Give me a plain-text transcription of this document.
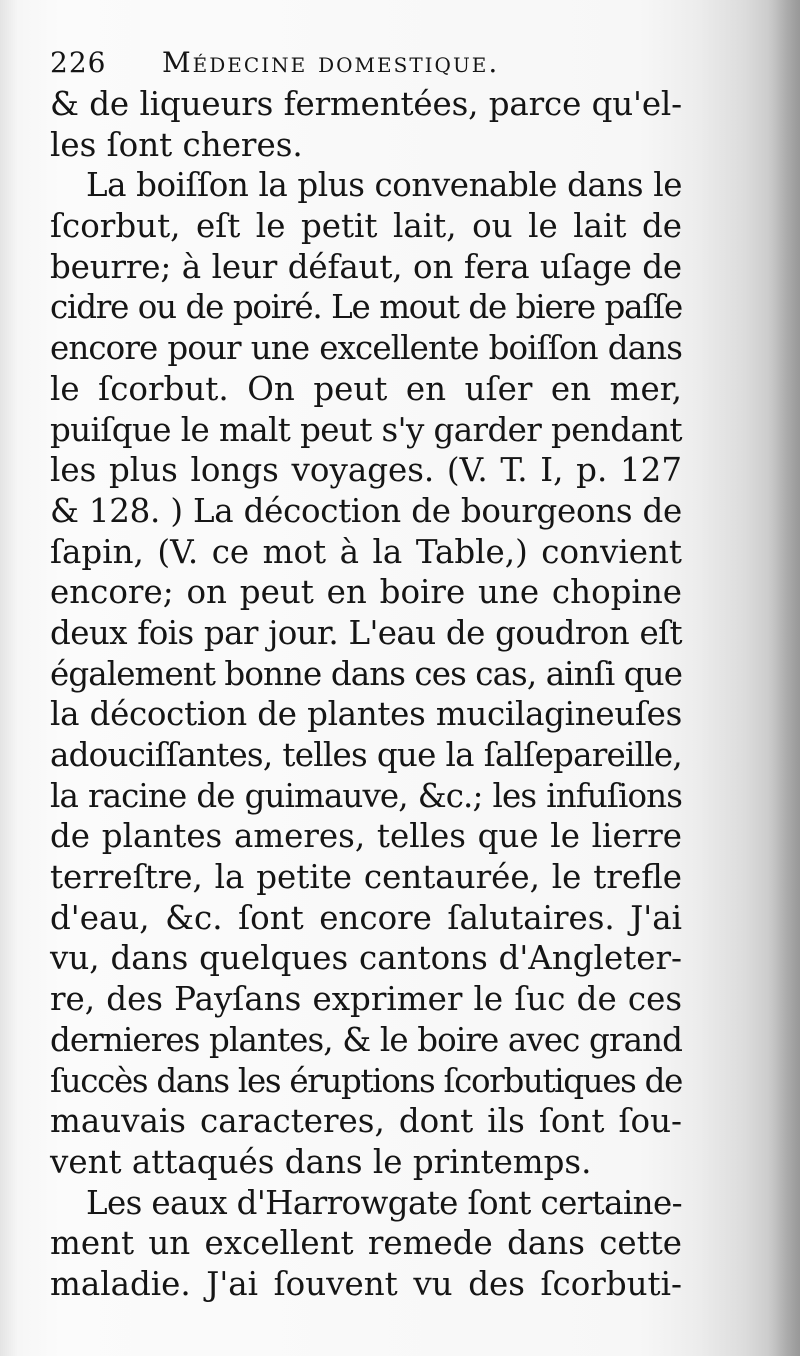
226 Médecine domestique.
& de liqueurs fermentées, parce qu'el-
les ſont cheres.
La boiſſon la plus convenable dans le
ſcorbut, eſt le petit lait, ou le lait de
beurre; à leur défaut, on fera uſage de
cidre ou de poiré. Le mout de biere paſſe
encore pour une excellente boiſſon dans
le ſcorbut. On peut en uſer en mer,
puiſque le malt peut s'y garder pendant
les plus longs voyages. (V. T. I, p. 127
& 128. ) La décoction de bourgeons de
ſapin, (V. ce mot à la Table,) convient
encore; on peut en boire une chopine
deux fois par jour. L'eau de goudron eſt
également bonne dans ces cas, ainſi que
la décoction de plantes mucilagineuſes
adouciſſantes, telles que la ſalſepareille,
la racine de guimauve, &c.; les infuſions
de plantes ameres, telles que le lierre
terreſtre, la petite centaurée, le trefle
d'eau, &c. ſont encore ſalutaires. J'ai
vu, dans quelques cantons d'Angleter-
re, des Payſans exprimer le ſuc de ces
dernieres plantes, & le boire avec grand
ſuccès dans les éruptions ſcorbutiques de
mauvais caracteres, dont ils ſont ſou-
vent attaqués dans le printemps.
Les eaux d'Harrowgate ſont certaine-
ment un excellent remede dans cette
maladie. J'ai ſouvent vu des ſcorbuti-
